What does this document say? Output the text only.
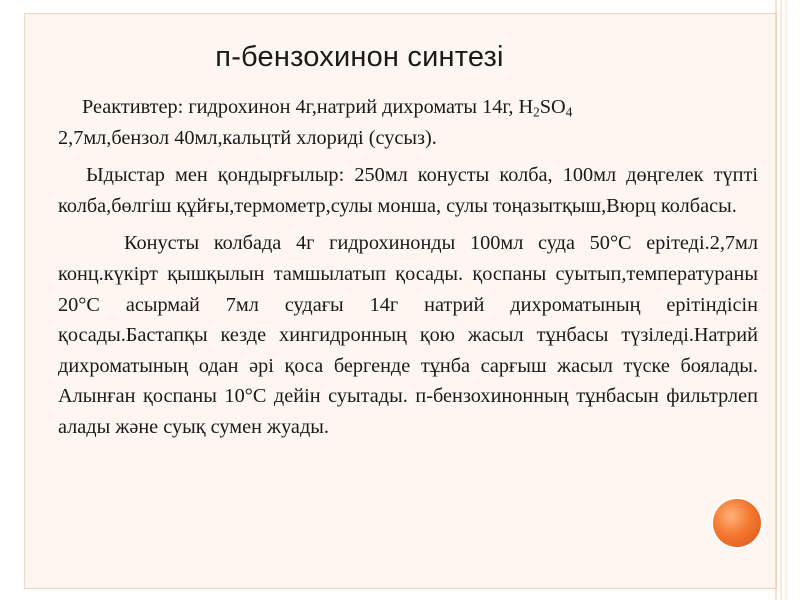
п-бензохинон синтезі

Реактивтер: гидрохинон 4г,натрий дихроматы 14г, $H_2SO_4$
2,7мл,бензол 40мл,кальцтй хлориді (сусыз).

Ыдыстар мен қондырғылыр: 250мл конусты колба, 100мл дөңгелек түпті колба,бөлгіш құйғы,термометр,сулы монша, сулы тоңазытқыш,Вюрц колбасы.

Конусты колбада 4г гидрохинонды 100мл суда 50°C ерітеді.2,7мл конц.күкірт қышқылын тамшылатып қосады. қоспаны суытып,температураны 20°C асырмай 7мл судағы 14г натрий дихроматының ерітіндісін қосады.Бастапқы кезде хингидронның қою жасыл тұнбасы түзіледі.Натрий дихроматының одан әрі қоса бергенде тұнба сарғыш жасыл түске боялады. Алынған қоспаны 10°C дейін суытады. п-бензохинонның тұнбасын фильтрлеп алады және суық сумен жуады.
